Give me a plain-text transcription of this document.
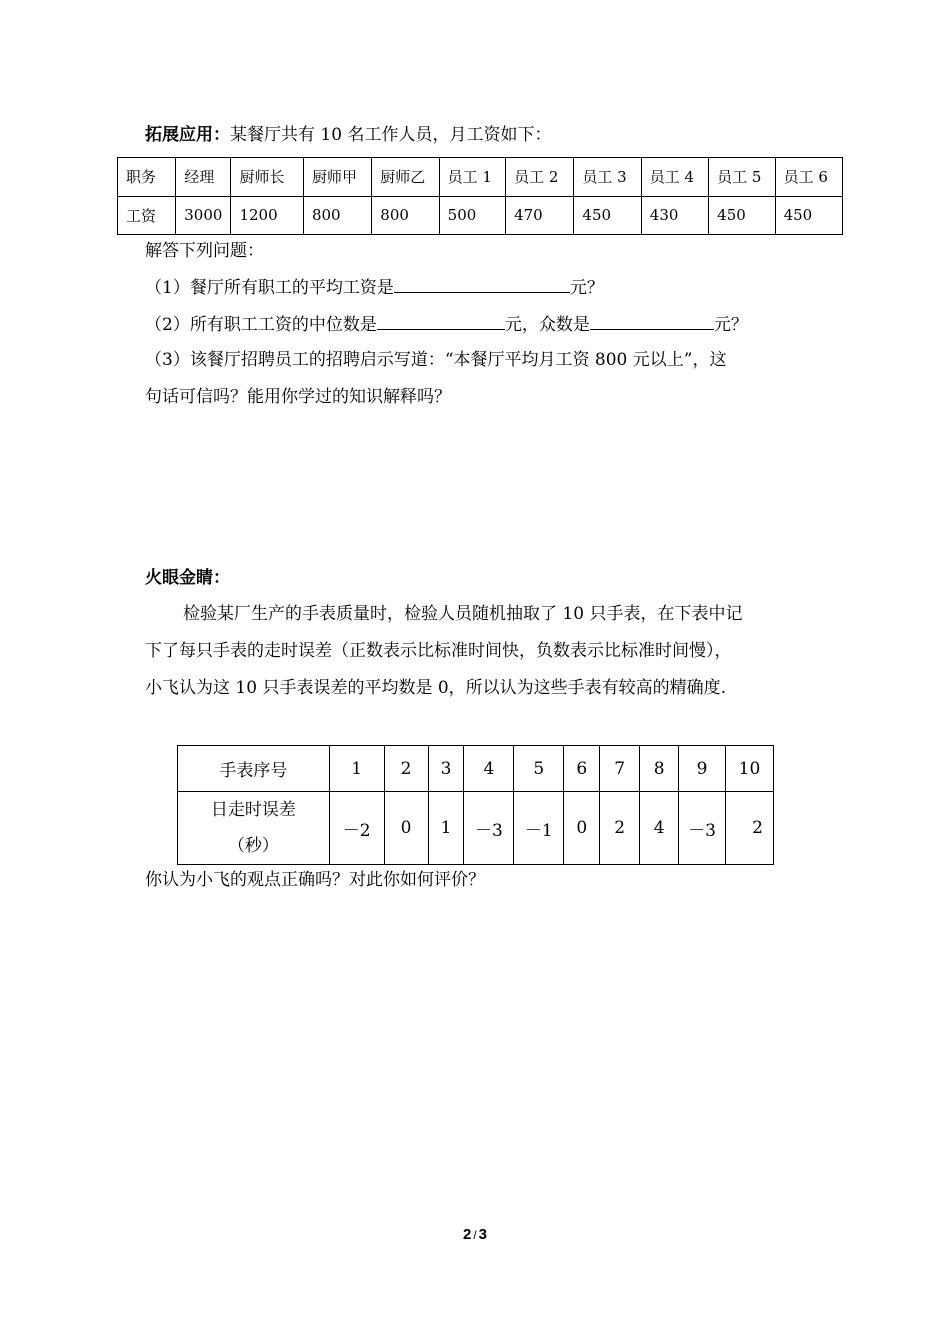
拓展应用：某餐厅共有 10 名工作人员，月工资如下：
职务	经理	厨师长	厨师甲	厨师乙	员工 1	员工 2	员工 3	员工 4	员工 5	员工 6
工资	3000	1200	800	800	500	470	450	430	450	450
解答下列问题：
（1）餐厅所有职工的平均工资是	元？
（2）所有职工工资的中位数是	元，众数是	元？
（3）该餐厅招聘员工的招聘启示写道：“本餐厅平均月工资 800 元以上”，这
句话可信吗？能用你学过的知识解释吗？
火眼金睛：
检验某厂生产的手表质量时，检验人员随机抽取了 10 只手表，在下表中记
下了每只手表的走时误差（正数表示比标准时间快，负数表示比标准时间慢），
小飞认为这 10 只手表误差的平均数是 0，所以认为这些手表有较高的精确度.
手表序号	1	2	3	4	5	6	7	8	9	10

日走时误差
（秒）	－2	0	1	－3	－1	0	2	4	－3	2
你认为小飞的观点正确吗？对此你如何评价？
2 / 3
